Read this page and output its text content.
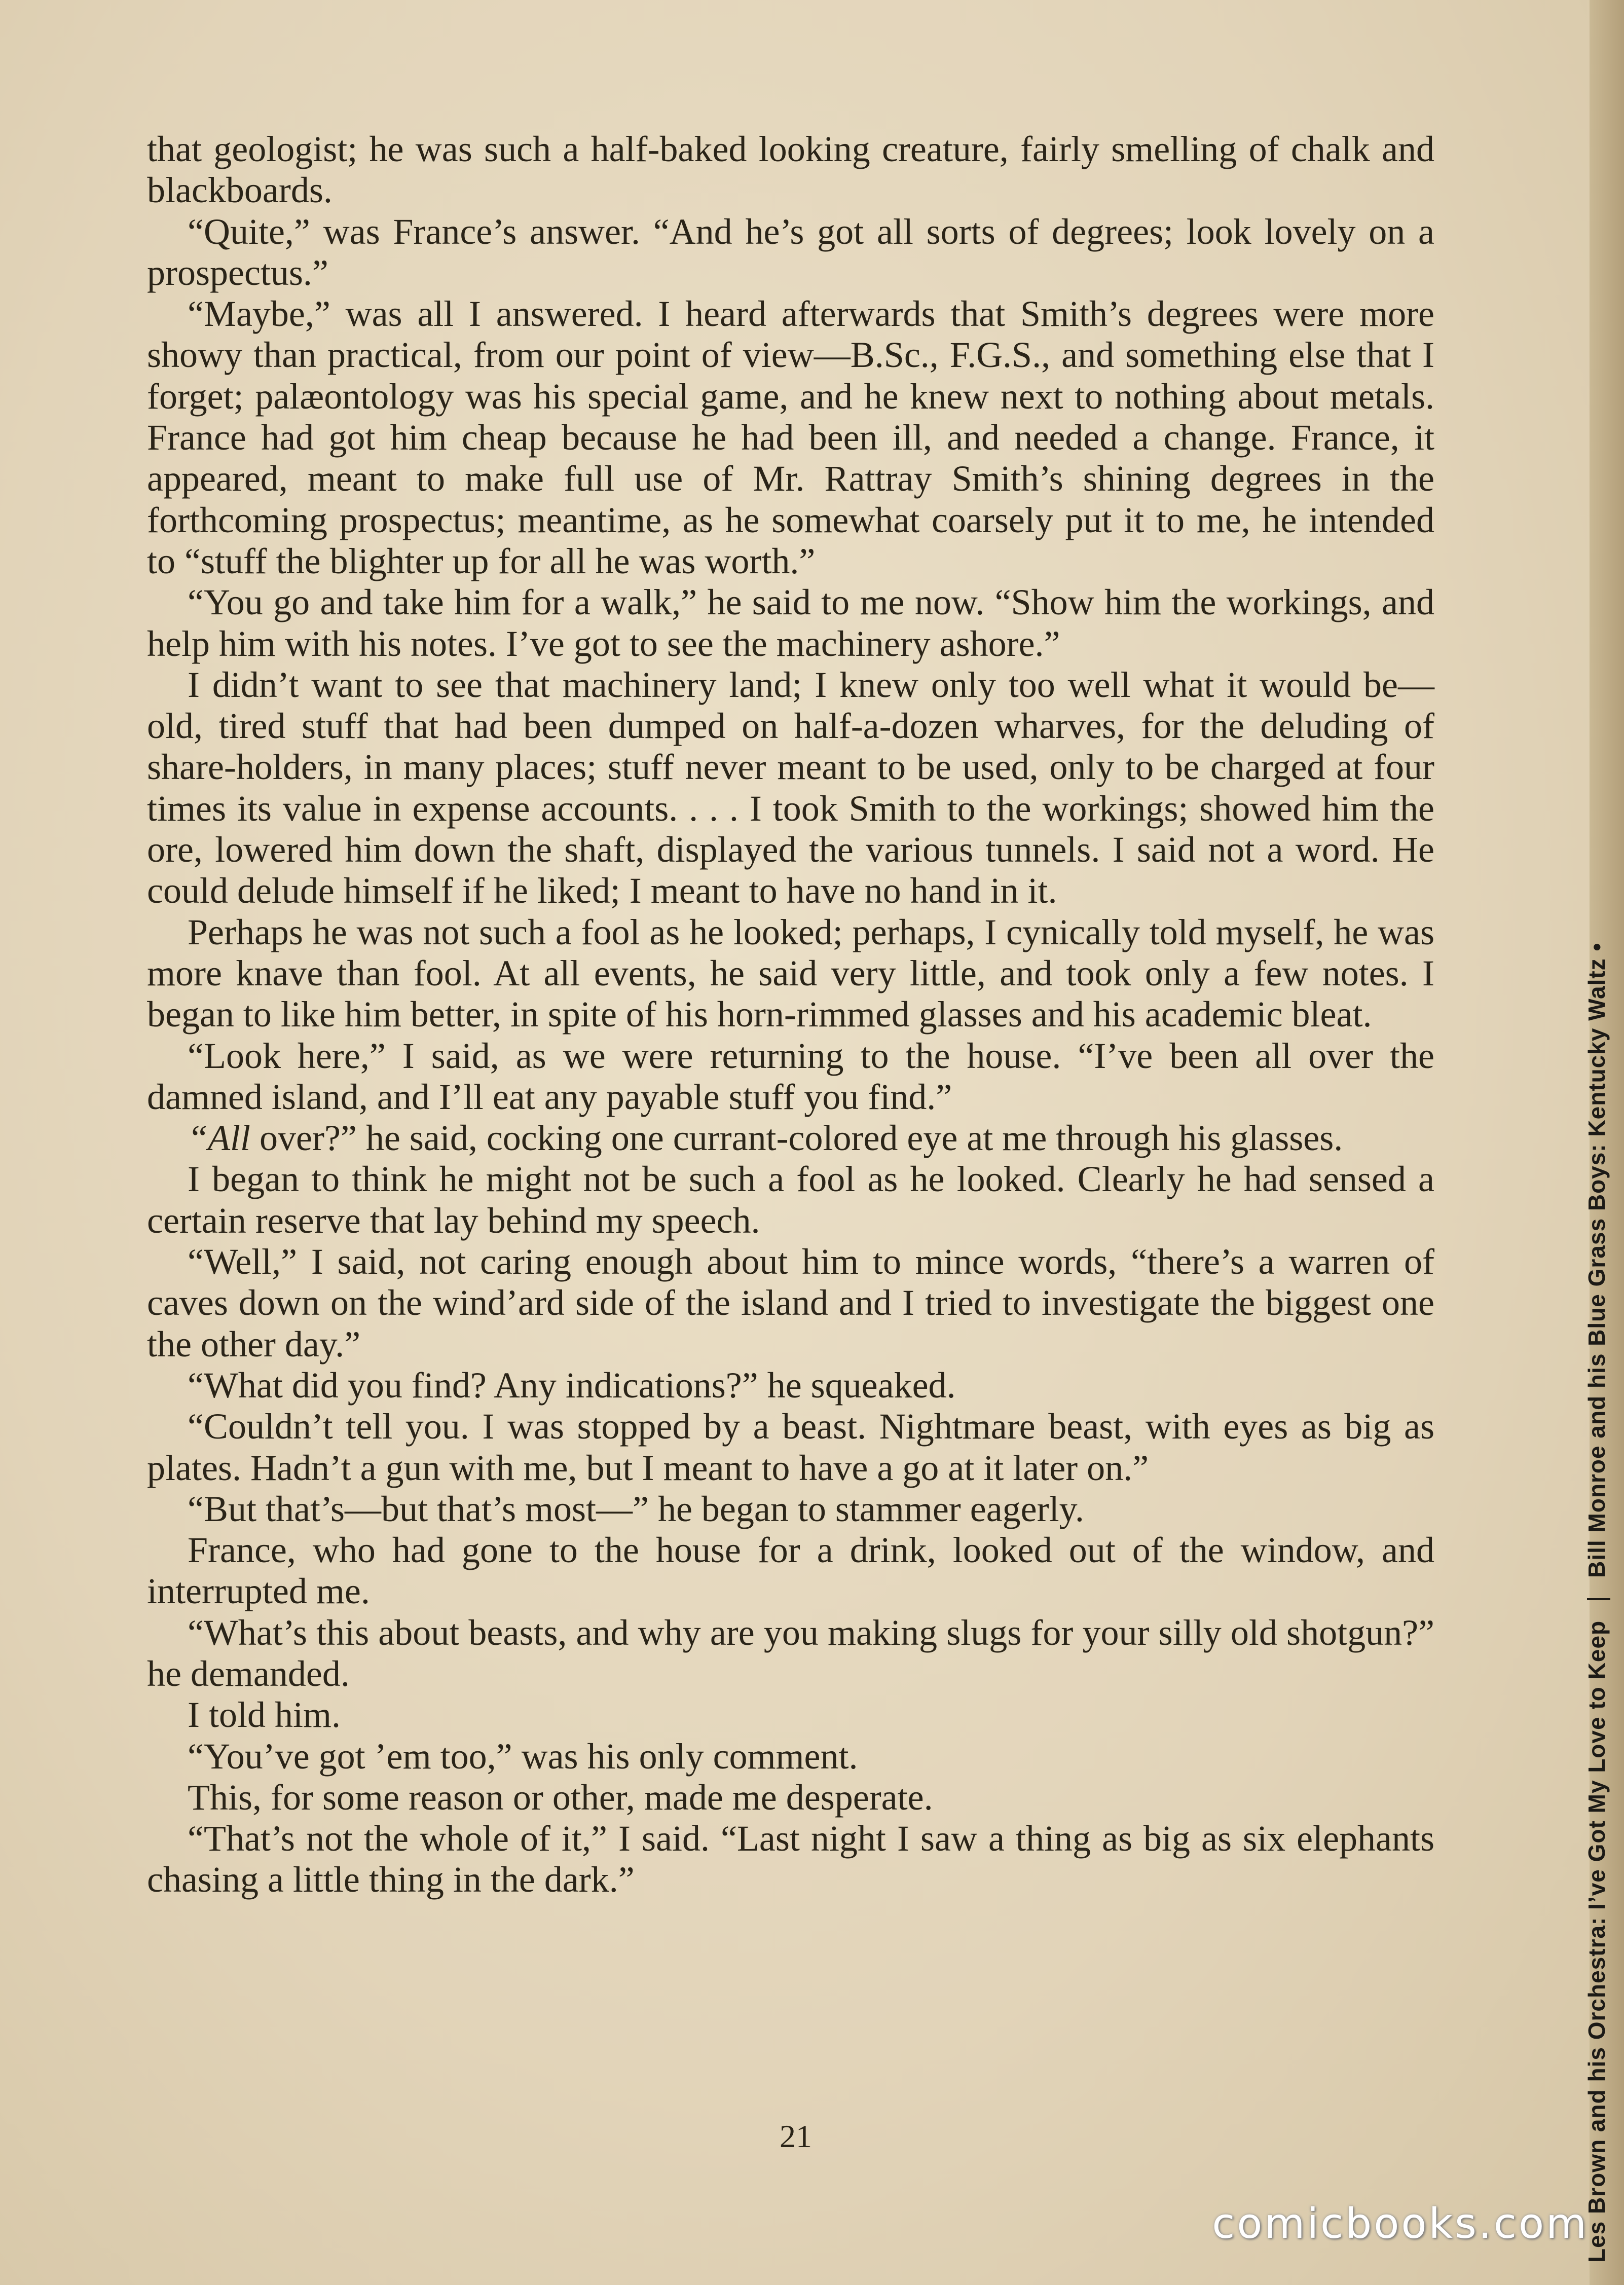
that geologist; he was such a half-baked looking creature, fairly smelling of chalk and blackboards.

“Quite,” was France’s answer. “And he’s got all sorts of degrees; look lovely on a prospectus.”

“Maybe,” was all I answered. I heard afterwards that Smith’s degrees were more showy than practical, from our point of view—B.Sc., F.G.S., and something else that I forget; palæontology was his special game, and he knew next to nothing about metals. France had got him cheap because he had been ill, and needed a change. France, it appeared, meant to make full use of Mr. Rattray Smith’s shining degrees in the forthcoming prospectus; meantime, as he somewhat coarsely put it to me, he intended to “stuff the blighter up for all he was worth.”

“You go and take him for a walk,” he said to me now. “Show him the workings, and help him with his notes. I’ve got to see the machinery ashore.”

I didn’t want to see that machinery land; I knew only too well what it would be—old, tired stuff that had been dumped on half-a-dozen wharves, for the deluding of share-holders, in many places; stuff never meant to be used, only to be charged at four times its value in expense accounts. . . . I took Smith to the workings; showed him the ore, lowered him down the shaft, displayed the various tunnels. I said not a word. He could delude himself if he liked; I meant to have no hand in it.

Perhaps he was not such a fool as he looked; perhaps, I cynically told myself, he was more knave than fool. At all events, he said very little, and took only a few notes. I began to like him better, in spite of his horn-rimmed glasses and his academic bleat.

“Look here,” I said, as we were returning to the house. “I’ve been all over the damned island, and I’ll eat any payable stuff you find.”

“All over?” he said, cocking one currant-colored eye at me through his glasses.

I began to think he might not be such a fool as he looked. Clearly he had sensed a certain reserve that lay behind my speech.

“Well,” I said, not caring enough about him to mince words, “there’s a warren of caves down on the wind’ard side of the island and I tried to investigate the biggest one the other day.”

“What did you find? Any indications?” he squeaked.

“Couldn’t tell you. I was stopped by a beast. Nightmare beast, with eyes as big as plates. Hadn’t a gun with me, but I meant to have a go at it later on.”

“But that’s—but that’s most—” he began to stammer eagerly.

France, who had gone to the house for a drink, looked out of the window, and interrupted me.

“What’s this about beasts, and why are you making slugs for your silly old shotgun?” he demanded.

I told him.

“You’ve got ’em too,” was his only comment.

This, for some reason or other, made me desperate.

“That’s not the whole of it,” I said. “Last night I saw a thing as big as six elephants chasing a little thing in the dark.”

21	Les Brown and his Orchestra: I’ve Got My Love to KeepBill Monroe and his Blue Grass Boys: Kentucky Waltz •
comicbooks.com
